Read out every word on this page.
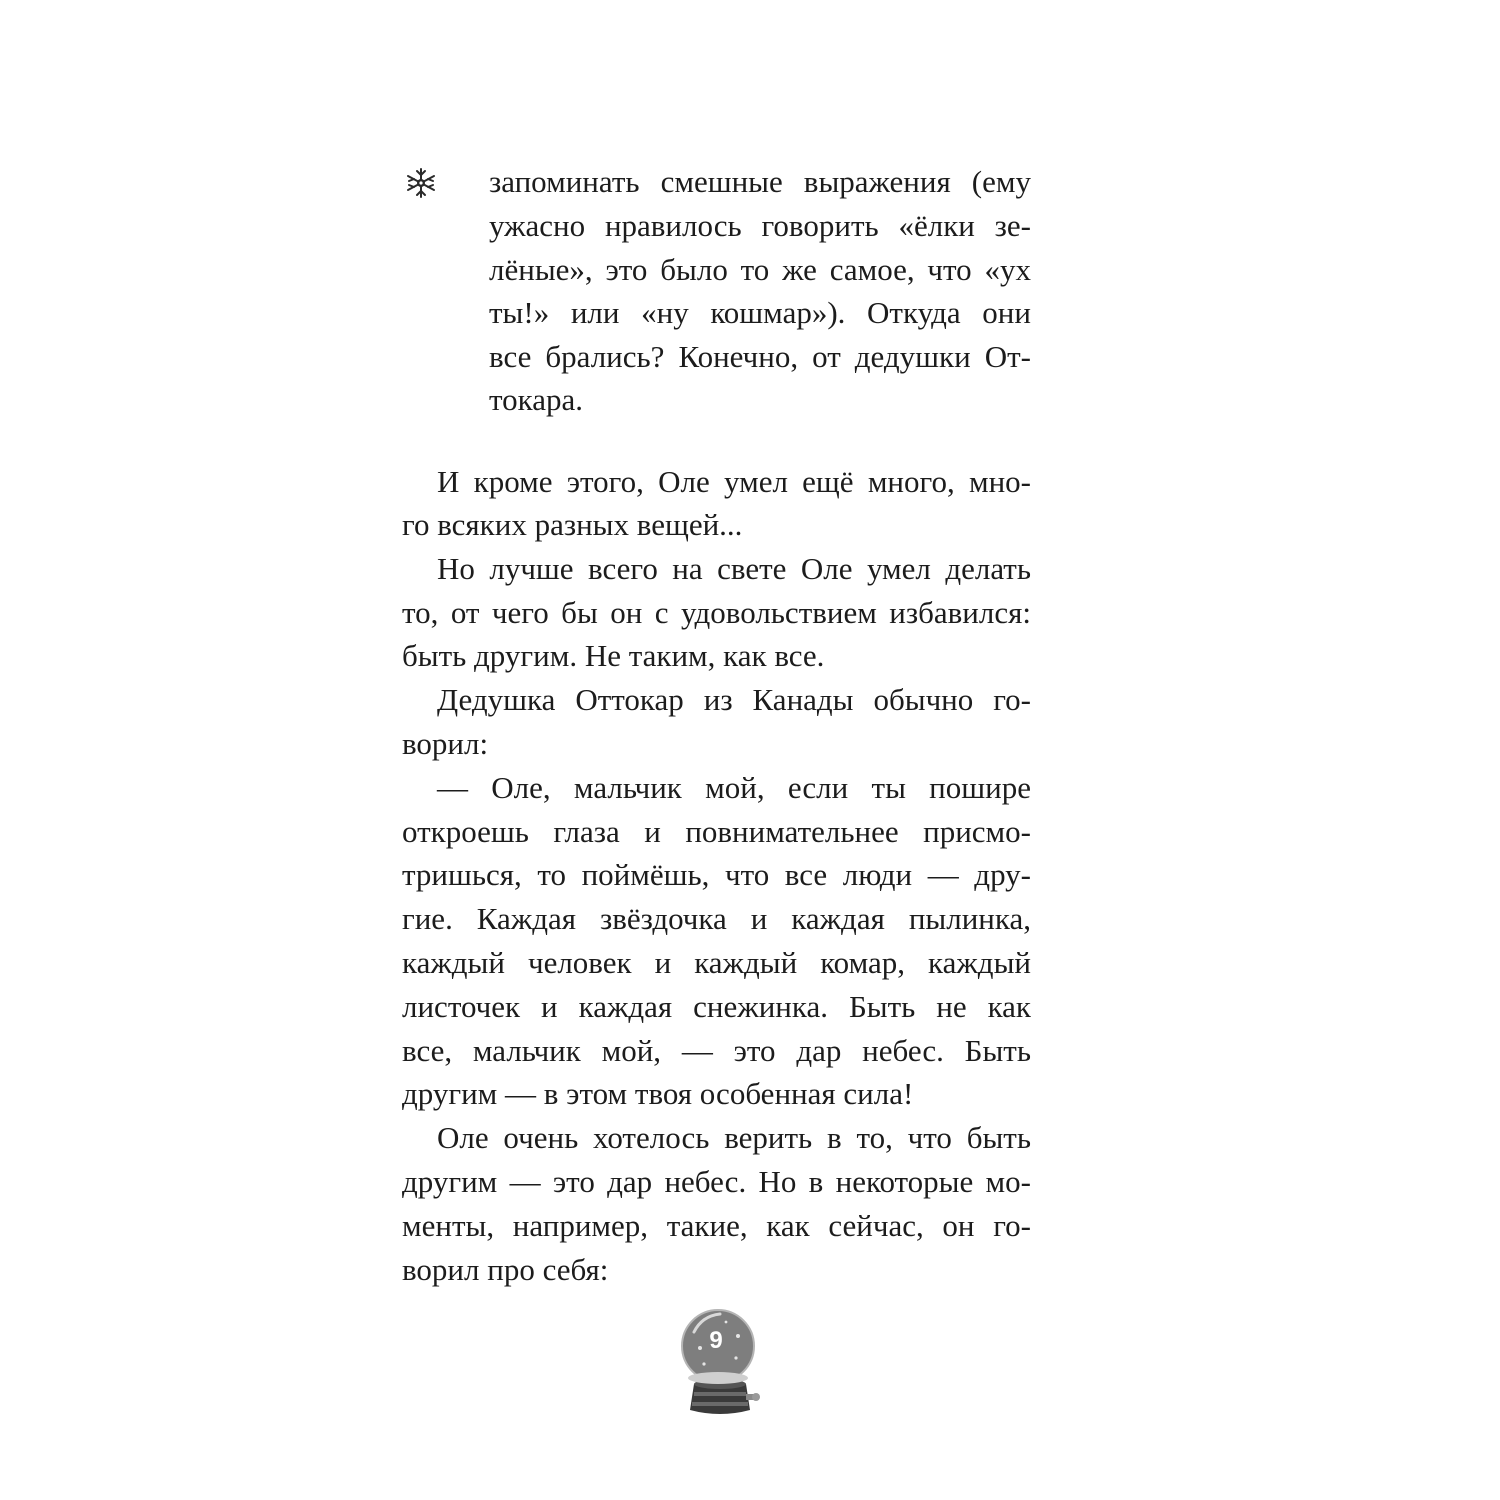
запоминать смешные выражения (ему
ужасно нравилось говорить «ёлки зе-
лёные», это было то же самое, что «ух
ты!» или «ну кошмар»). Откуда они
все брались? Конечно, от дедушки От-
токара.
И кроме этого, Оле умел ещё много, мно-
го всяких разных вещей...
Но лучше всего на свете Оле умел делать
то, от чего бы он с удовольствием избавился:
быть другим. Не таким, как все.
Дедушка Оттокар из Канады обычно го-
ворил:
— Оле, мальчик мой, если ты пошире
откроешь глаза и повнимательнее присмо-
тришься, то поймёшь, что все люди — дру-
гие. Каждая звёздочка и каждая пылинка,
каждый человек и каждый комар, каждый
листочек и каждая снежинка. Быть не как
все, мальчик мой, — это дар небес. Быть
другим — в этом твоя особенная сила!
Оле очень хотелось верить в то, что быть
другим — это дар небес. Но в некоторые мо-
менты, например, такие, как сейчас, он го-
ворил про себя:
9
